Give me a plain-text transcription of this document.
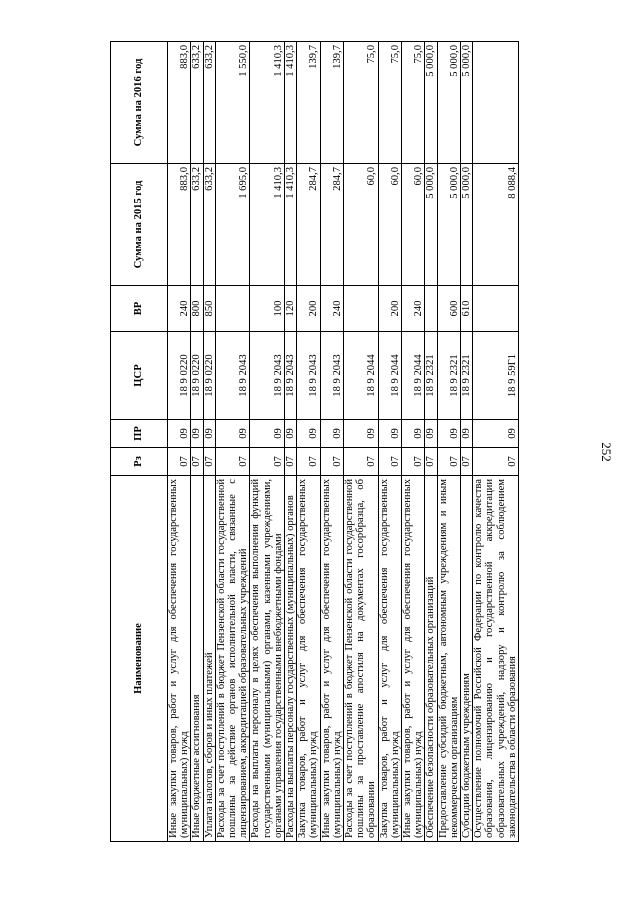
252
Наименование	Рз	ПР	ЦСР	ВР	Сумма на 2015 год	Сумма на 2016 год
Иные закупки товаров, работ и услуг для обеспечения государственных (муниципальных) нужд	07	09	18 9 0220	240	883,0	883,0
Иные бюджетные ассигнования	07	09	18 9 0220	800	633,2	633,2
Уплата налогов, сборов и иных платежей	07	09	18 9 0220	850	633,2	633,2
Расходы за счет поступлений в бюджет Пензенской области государственной пошлины за действие органов исполнительной власти, связанные с лицензированием, аккредитацией образовательных учреждений	07	09	18 9 2043		1 695,0	1 550,0
Расходы на выплаты персоналу в целях обеспечения выполнения функций государственными (муниципальными) органами, казенными учреждениями, органами управления государственными внебюджетными фондами	07	09	18 9 2043	100	1 410,3	1 410,3
Расходы на выплаты персоналу государственных (муниципальных) органов	07	09	18 9 2043	120	1 410,3	1 410,3
Закупка товаров, работ и услуг для обеспечения государственных (муниципальных) нужд	07	09	18 9 2043	200	284,7	139,7
Иные закупки товаров, работ и услуг для обеспечения государственных (муниципальных) нужд	07	09	18 9 2043	240	284,7	139,7
Расходы за счет поступлений в бюджет Пензенской области государственной пошлины за проставление апостиля на документах госорбразца, об образовании	07	09	18 9 2044		60,0	75,0
Закупка товаров, работ и услуг для обеспечения государственных (муниципальных) нужд	07	09	18 9 2044	200	60,0	75,0
Иные закупки товаров, работ и услуг для обеспечения государственных (муниципальных) нужд	07	09	18 9 2044	240	60,0	75,0
Обеспечение безопасности образовательных организаций	07	09	18 9 2321		5 000,0	5 000,0
Предоставление субсидий бюджетным, автономным учреждениям и иным некоммерческим организациям	07	09	18 9 2321	600	5 000,0	5 000,0
Субсидии бюджетным учреждениям	07	09	18 9 2321	610	5 000,0	5 000,0
Осуществление полномочий Российской Федерации по контролю качества образования, лицензированию и государственной аккредитации образовательных учреждений, надзору и контролю за соблюдением законодательства в области образования	07	09	18 9 59Г1		8 088,4	
